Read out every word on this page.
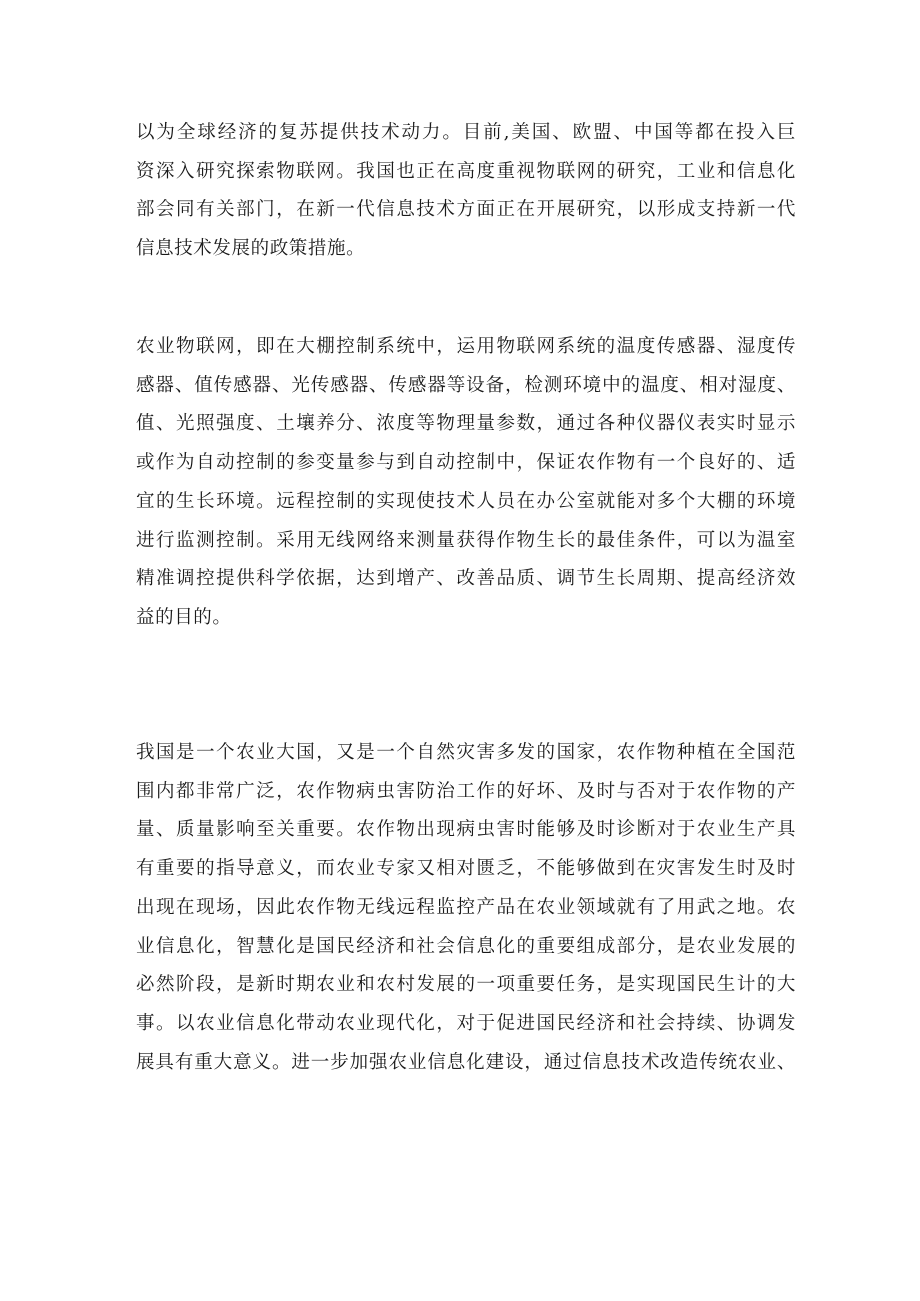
以为全球经济的复苏提供技术动力。目前,美国、欧盟、中国等都在投入巨
资深入研究探索物联网。我国也正在高度重视物联网的研究，工业和信息化
部会同有关部门，在新一代信息技术方面正在开展研究，以形成支持新一代
信息技术发展的政策措施。

农业物联网，即在大棚控制系统中，运用物联网系统的温度传感器、湿度传
感器、值传感器、光传感器、传感器等设备，检测环境中的温度、相对湿度、
值、光照强度、土壤养分、浓度等物理量参数，通过各种仪器仪表实时显示
或作为自动控制的参变量参与到自动控制中，保证农作物有一个良好的、适
宜的生长环境。远程控制的实现使技术人员在办公室就能对多个大棚的环境
进行监测控制。采用无线网络来测量获得作物生长的最佳条件，可以为温室
精准调控提供科学依据，达到增产、改善品质、调节生长周期、提高经济效
益的目的。

我国是一个农业大国，又是一个自然灾害多发的国家，农作物种植在全国范
围内都非常广泛，农作物病虫害防治工作的好坏、及时与否对于农作物的产
量、质量影响至关重要。农作物出现病虫害时能够及时诊断对于农业生产具
有重要的指导意义，而农业专家又相对匮乏，不能够做到在灾害发生时及时
出现在现场，因此农作物无线远程监控产品在农业领域就有了用武之地。农
业信息化，智慧化是国民经济和社会信息化的重要组成部分，是农业发展的
必然阶段，是新时期农业和农村发展的一项重要任务，是实现国民生计的大
事。以农业信息化带动农业现代化，对于促进国民经济和社会持续、协调发
展具有重大意义。进一步加强农业信息化建设，通过信息技术改造传统农业、
